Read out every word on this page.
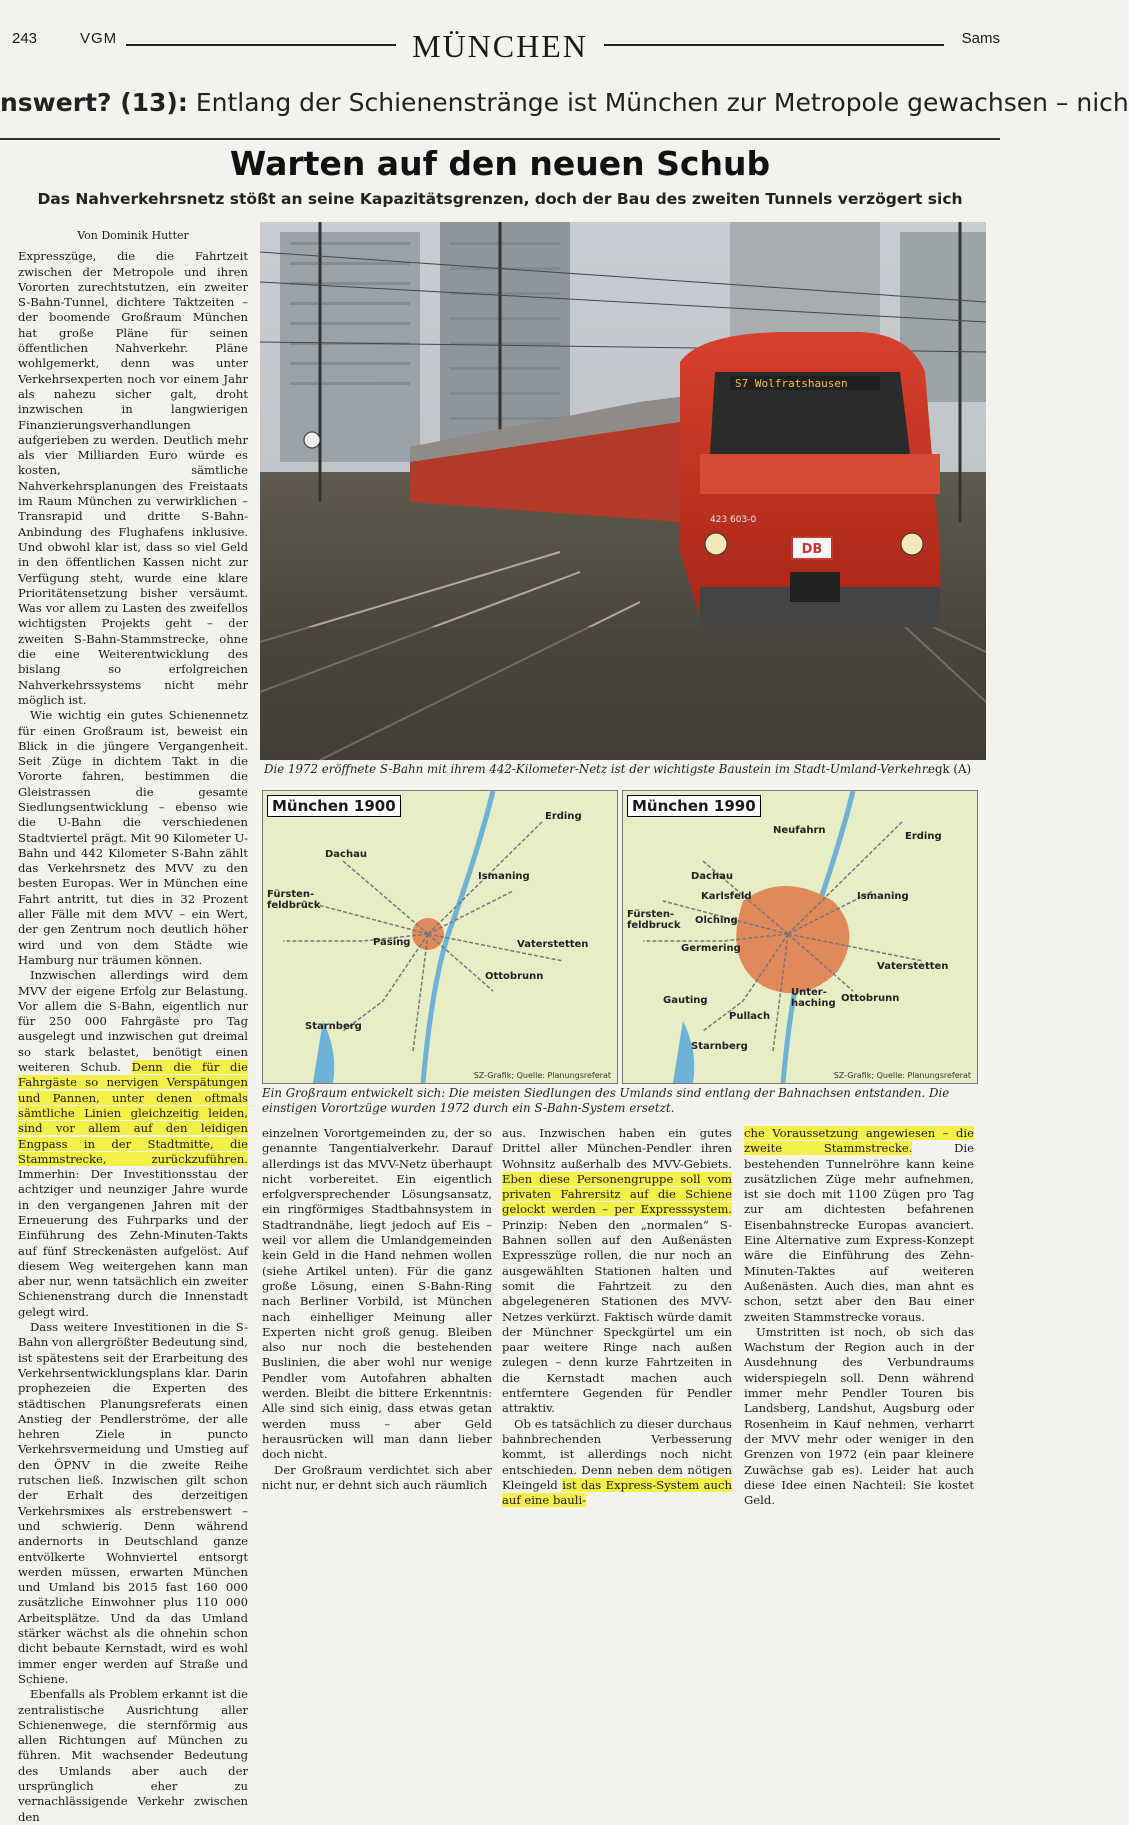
243	VGM	MÜNCHEN	Sams
nswert? (13): Entlang der Schienenstränge ist München zur Metropole gewachsen – nich
Warten auf den neuen Schub
Das Nahverkehrsnetz stößt an seine Kapazitätsgrenzen, doch der Bau des zweiten Tunnels verzögert sich
Von Dominik Hutter

Expresszüge, die die Fahrtzeit zwischen der Metropole und ihren Vororten zurechtstutzen, ein zweiter S-Bahn-Tunnel, dichtere Taktzeiten – der boomende Großraum München hat große Pläne für seinen öffentlichen Nahverkehr. Pläne wohlgemerkt, denn was unter Verkehrsexperten noch vor einem Jahr als nahezu sicher galt, droht inzwischen in langwierigen Finanzierungsverhandlungen aufgerieben zu werden. Deutlich mehr als vier Milliarden Euro würde es kosten, sämtliche Nahverkehrsplanungen des Freistaats im Raum München zu verwirklichen – Transrapid und dritte S-Bahn-Anbindung des Flughafens inklusive. Und obwohl klar ist, dass so viel Geld in den öffentlichen Kassen nicht zur Verfügung steht, wurde eine klare Prioritätensetzung bisher versäumt. Was vor allem zu Lasten des zweifellos wichtigsten Projekts geht – der zweiten S-Bahn-Stammstrecke, ohne die eine Weiterentwicklung des bislang so erfolgreichen Nahverkehrssystems nicht mehr möglich ist.

Wie wichtig ein gutes Schienennetz für einen Großraum ist, beweist ein Blick in die jüngere Vergangenheit. Seit Züge in dichtem Takt in die Vororte fahren, bestimmen die Gleistrassen die gesamte Siedlungsentwicklung – ebenso wie die U-Bahn die verschiedenen Stadtviertel prägt. Mit 90 Kilometer U-Bahn und 442 Kilometer S-Bahn zählt das Verkehrsnetz des MVV zu den besten Europas. Wer in München eine Fahrt antritt, tut dies in 32 Prozent aller Fälle mit dem MVV – ein Wert, der gen Zentrum noch deutlich höher wird und von dem Städte wie Hamburg nur träumen können.

Inzwischen allerdings wird dem MVV der eigene Erfolg zur Belastung. Vor allem die S-Bahn, eigentlich nur für 250 000 Fahrgäste pro Tag ausgelegt und inzwischen gut dreimal so stark belastet, benötigt einen weiteren Schub. Denn die für die Fahrgäste so nervigen Verspätungen und Pannen, unter denen oftmals sämtliche Linien gleichzeitig leiden, sind vor allem auf den leidigen Engpass in der Stadtmitte, die Stammstrecke, zurückzuführen. Immerhin: Der Investitionsstau der achtziger und neunziger Jahre wurde in den vergangenen Jahren mit der Erneuerung des Fuhrparks und der Einführung des Zehn-Minuten-Takts auf fünf Streckenästen aufgelöst. Auf diesem Weg weitergehen kann man aber nur, wenn tatsächlich ein zweiter Schienenstrang durch die Innenstadt gelegt wird.

Dass weitere Investitionen in die S-Bahn von allergrößter Bedeutung sind, ist spätestens seit der Erarbeitung des Verkehrsentwicklungsplans klar. Darin prophezeien die Experten des städtischen Planungsreferats einen Anstieg der Pendlerströme, der alle hehren Ziele in puncto Verkehrsvermeidung und Umstieg auf den ÖPNV in die zweite Reihe rutschen ließ. Inzwischen gilt schon der Erhalt des derzeitigen Verkehrsmixes als erstrebenswert – und schwierig. Denn während andernorts in Deutschland ganze entvölkerte Wohnviertel entsorgt werden müssen, erwarten München und Umland bis 2015 fast 160 000 zusätzliche Einwohner plus 110 000 Arbeitsplätze. Und da das Umland stärker wächst als die ohnehin schon dicht bebaute Kernstadt, wird es wohl immer enger werden auf Straße und Schiene.

Ebenfalls als Problem erkannt ist die zentralistische Ausrichtung aller Schienenwege, die sternförmig aus allen Richtungen auf München zu führen. Mit wachsender Bedeutung des Umlands aber auch der ursprünglich eher zu vernachlässigende Verkehr zwischen den

S7 Wolfratshausen
423 603-0
DB
Die 1972 eröffnete S-Bahn mit ihrem 442-Kilometer-Netz ist der wichtigste Baustein im Stadt-Umland-Verkehr.
egk (A)
München 1900
Erding
Dachau
Ismaning
Fürsten-
feldbruck
Pasing	Vaterstetten
Ottobrunn
Starnberg
SZ-Grafik; Quelle: Planungsreferat
München 1990
Neufahrn
Erding
Dachau
Karlsfeld	Ismaning
Fürsten-
feldbruck Olching
Germering
Vaterstetten
Unter-
haching Ottobrunn
Gauting
Pullach
Starnberg
SZ-Grafik; Quelle: Planungsreferat
Ein Großraum entwickelt sich: Die meisten Siedlungen des Umlands sind entlang der Bahnachsen entstanden. Die einstigen Vorortzüge wurden 1972 durch ein S-Bahn-System ersetzt.

einzelnen Vorortgemeinden zu, der so genannte Tangentialverkehr. Darauf allerdings ist das MVV-Netz überhaupt nicht vorbereitet. Ein eigentlich erfolgversprechender Lösungsansatz, ein ringförmiges Stadtbahnsystem in Stadtrandnähe, liegt jedoch auf Eis – weil vor allem die Umlandgemeinden kein Geld in die Hand nehmen wollen (siehe Artikel unten). Für die ganz große Lösung, einen S-Bahn-Ring nach Berliner Vorbild, ist München nach einhelliger Meinung aller Experten nicht groß genug. Bleiben also nur noch die bestehenden Buslinien, die aber wohl nur wenige Pendler vom Autofahren abhalten werden. Bleibt die bittere Erkenntnis: Alle sind sich einig, dass etwas getan werden muss – aber Geld herausrücken will man dann lieber doch nicht.

Der Großraum verdichtet sich aber nicht nur, er dehnt sich auch räumlich

aus. Inzwischen haben ein gutes Drittel aller München-Pendler ihren Wohnsitz außerhalb des MVV-Gebiets. Eben diese Personengruppe soll vom privaten Fahrersitz auf die Schiene gelockt werden – per Expresssystem. Prinzip: Neben den „normalen“ S-Bahnen sollen auf den Außenästen Expresszüge rollen, die nur noch an ausgewählten Stationen halten und somit die Fahrtzeit zu den abgelegeneren Stationen des MVV-Netzes verkürzt. Faktisch würde damit der Münchner Speckgürtel um ein paar weitere Ringe nach außen zulegen – denn kurze Fahrtzeiten in die Kernstadt machen auch entferntere Gegenden für Pendler attraktiv.

Ob es tatsächlich zu dieser durchaus bahnbrechenden Verbesserung kommt, ist allerdings noch nicht entschieden. Denn neben dem nötigen Kleingeld ist das Express-System auch auf eine bauli-

che Voraussetzung angewiesen – die zweite Stammstrecke. Die bestehenden Tunnelröhre kann keine zusätzlichen Züge mehr aufnehmen, ist sie doch mit 1100 Zügen pro Tag zur am dichtesten befahrenen Eisenbahnstrecke Europas avanciert. Eine Alternative zum Express-Konzept wäre die Einführung des Zehn-Minuten-Taktes auf weiteren Außenästen. Auch dies, man ahnt es schon, setzt aber den Bau einer zweiten Stammstrecke voraus.

Umstritten ist noch, ob sich das Wachstum der Region auch in der Ausdehnung des Verbundraums widerspiegeln soll. Denn während immer mehr Pendler Touren bis Landsberg, Landshut, Augsburg oder Rosenheim in Kauf nehmen, verharrt der MVV mehr oder weniger in den Grenzen von 1972 (ein paar kleinere Zuwächse gab es). Leider hat auch diese Idee einen Nachteil: Sie kostet Geld.
